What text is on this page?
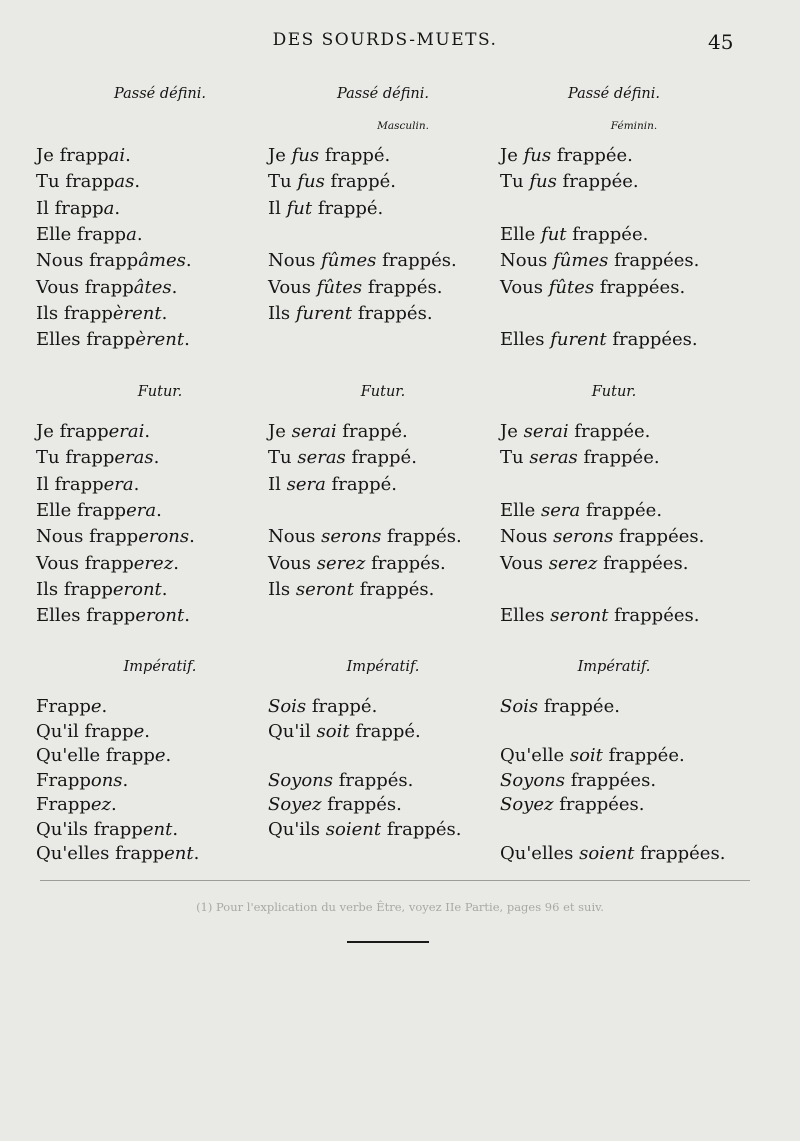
DES SOURDS-MUETS.	45
Passé défini.
Je frappai.
Tu frappas.
Il frappa.
Elle frappa.
Nous frappâmes.
Vous frappâtes.
Ils frappèrent.
Elles frappèrent.
Passé défini.
Masculin.
Je fus frappé.
Tu fus frappé.
Il fut frappé.
Nous fûmes frappés.
Vous fûtes frappés.
Ils furent frappés.
Passé défini.
Féminin.
Je fus frappée.
Tu fus frappée.
Elle fut frappée.
Nous fûmes frappées.
Vous fûtes frappées.
Elles furent frappées.
Futur.
Je frapperai.
Tu frapperas.
Il frappera.
Elle frappera.
Nous frapperons.
Vous frapperez.
Ils frapperont.
Elles frapperont.
Futur.
Je serai frappé.
Tu seras frappé.
Il sera frappé.
Nous serons frappés.
Vous serez frappés.
Ils seront frappés.
Futur.
Je serai frappée.
Tu seras frappée.
Elle sera frappée.
Nous serons frappées.
Vous serez frappées.
Elles seront frappées.
Impératif.
Frappe.
Qu'il frappe.
Qu'elle frappe.
Frappons.
Frappez.
Qu'ils frappent.
Qu'elles frappent.
Impératif.
Sois frappé.
Qu'il soit frappé.
Soyons frappés.
Soyez frappés.
Qu'ils soient frappés.
Impératif.
Sois frappée.
Qu'elle soit frappée.
Soyons frappées.
Soyez frappées.
Qu'elles soient frappées.
(1) Pour l'explication du verbe Être, voyez IIe Partie, pages 96 et suiv.
